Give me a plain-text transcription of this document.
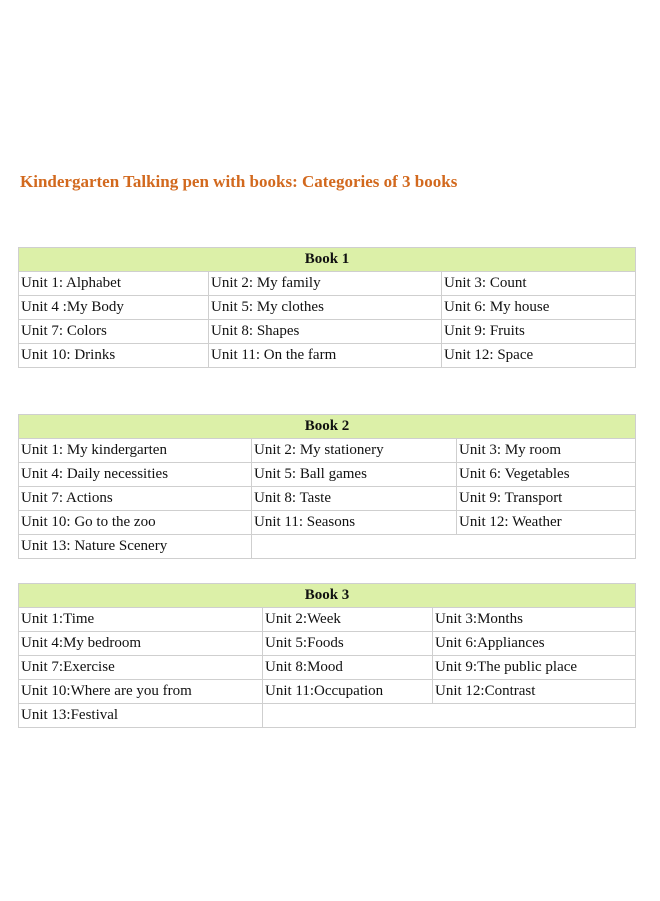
Kindergarten Talking pen with books: Categories of 3 books
Book 1		
Unit 1: Alphabet	Unit 2: My family	Unit 3: Count
Unit 4 :My Body	Unit 5: My clothes	Unit 6: My house
Unit 7: Colors	Unit 8: Shapes	Unit 9: Fruits
Unit 10: Drinks	Unit 11: On the farm	Unit 12: Space
Book 2		
Unit 1: My kindergarten	Unit 2: My stationery	Unit 3: My room
Unit 4: Daily necessities	Unit 5: Ball games	Unit 6: Vegetables
Unit 7: Actions	Unit 8: Taste	Unit 9: Transport
Unit 10: Go to the zoo	Unit 11: Seasons	Unit 12: Weather
Unit 13: Nature Scenery		
Book 3		
Unit 1:Time	Unit 2:Week	Unit 3:Months
Unit 4:My bedroom	Unit 5:Foods	Unit 6:Appliances
Unit 7:Exercise	Unit 8:Mood	Unit 9:The public place
Unit 10:Where are you from	Unit 11:Occupation	Unit 12:Contrast
Unit 13:Festival		
